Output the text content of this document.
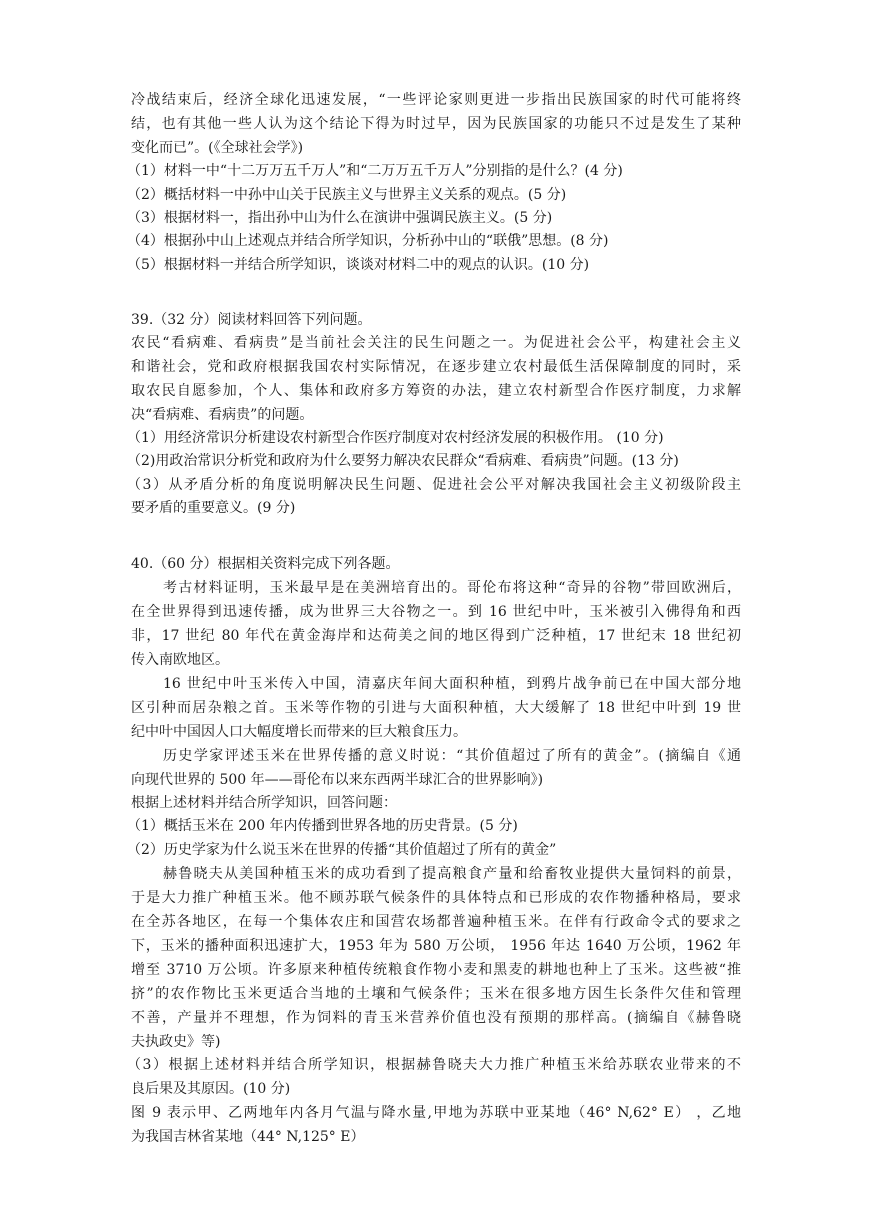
冷战结束后，经济全球化迅速发展，“一些评论家则更进一步指出民族国家的时代可能将终
结，也有其他一些人认为这个结论下得为时过早，因为民族国家的功能只不过是发生了某种
变化而已”。(《全球社会学》)
（1）材料一中“十二万万五千万人”和“二万万五千万人”分别指的是什么？(4 分)
（2）概括材料一中孙中山关于民族主义与世界主义关系的观点。(5 分)
（3）根据材料一，指出孙中山为什么在演讲中强调民族主义。(5 分)
（4）根据孙中山上述观点并结合所学知识，分析孙中山的“联俄”思想。(8 分)
（5）根据材料一并结合所学知识，谈谈对材料二中的观点的认识。(10 分)
39.（32 分）阅读材料回答下列问题。
农民“看病难、看病贵”是当前社会关注的民生问题之一。为促进社会公平，构建社会主义
和谐社会，党和政府根据我国农村实际情况，在逐步建立农村最低生活保障制度的同时，采
取农民自愿参加，个人、集体和政府多方筹资的办法，建立农村新型合作医疗制度，力求解
决“看病难、看病贵”的问题。
（1）用经济常识分析建设农村新型合作医疗制度对农村经济发展的积极作用。 (10 分)
（2)用政治常识分析党和政府为什么要努力解决农民群众“看病难、看病贵”问题。(13 分)
（3）从矛盾分析的角度说明解决民生问题、促进社会公平对解决我国社会主义初级阶段主
要矛盾的重要意义。(9 分)
40.（60 分）根据相关资料完成下列各题。
考古材料证明，玉米最早是在美洲培育出的。哥伦布将这种“奇异的谷物”带回欧洲后，
在全世界得到迅速传播，成为世界三大谷物之一。到 16 世纪中叶，玉米被引入佛得角和西
非，17 世纪 80 年代在黄金海岸和达荷美之间的地区得到广泛种植，17 世纪末 18 世纪初
传入南欧地区。
16 世纪中叶玉米传入中国，清嘉庆年间大面积种植，到鸦片战争前已在中国大部分地
区引种而居杂粮之首。玉米等作物的引进与大面积种植，大大缓解了 18 世纪中叶到 19 世
纪中叶中国因人口大幅度增长而带来的巨大粮食压力。
历史学家评述玉米在世界传播的意义时说：“其价值超过了所有的黄金”。(摘编自《通
向现代世界的 500 年——哥伦布以来东西两半球汇合的世界影响》)
根据上述材料并结合所学知识，回答问题：
（1）概括玉米在 200 年内传播到世界各地的历史背景。(5 分)
（2）历史学家为什么说玉米在世界的传播“其价值超过了所有的黄金”
赫鲁晓夫从美国种植玉米的成功看到了提高粮食产量和给畜牧业提供大量饲料的前景，
于是大力推广种植玉米。他不顾苏联气候条件的具体特点和已形成的农作物播种格局，要求
在全苏各地区，在每一个集体农庄和国营农场都普遍种植玉米。在伴有行政命令式的要求之
下，玉米的播种面积迅速扩大，1953 年为 580 万公顷， 1956 年达 1640 万公顷，1962 年
增至 3710 万公顷。许多原来种植传统粮食作物小麦和黑麦的耕地也种上了玉米。这些被“推
挤”的农作物比玉米更适合当地的土壤和气候条件；玉米在很多地方因生长条件欠佳和管理
不善，产量并不理想，作为饲料的青玉米营养价值也没有预期的那样高。(摘编自《赫鲁晓
夫执政史》等)
（3）根据上述材料并结合所学知识，根据赫鲁晓夫大力推广种植玉米给苏联农业带来的不
良后果及其原因。(10 分)
图 9 表示甲、乙两地年内各月气温与降水量,甲地为苏联中亚某地（46° N,62° E） ，乙地
为我国吉林省某地（44° N,125° E）
